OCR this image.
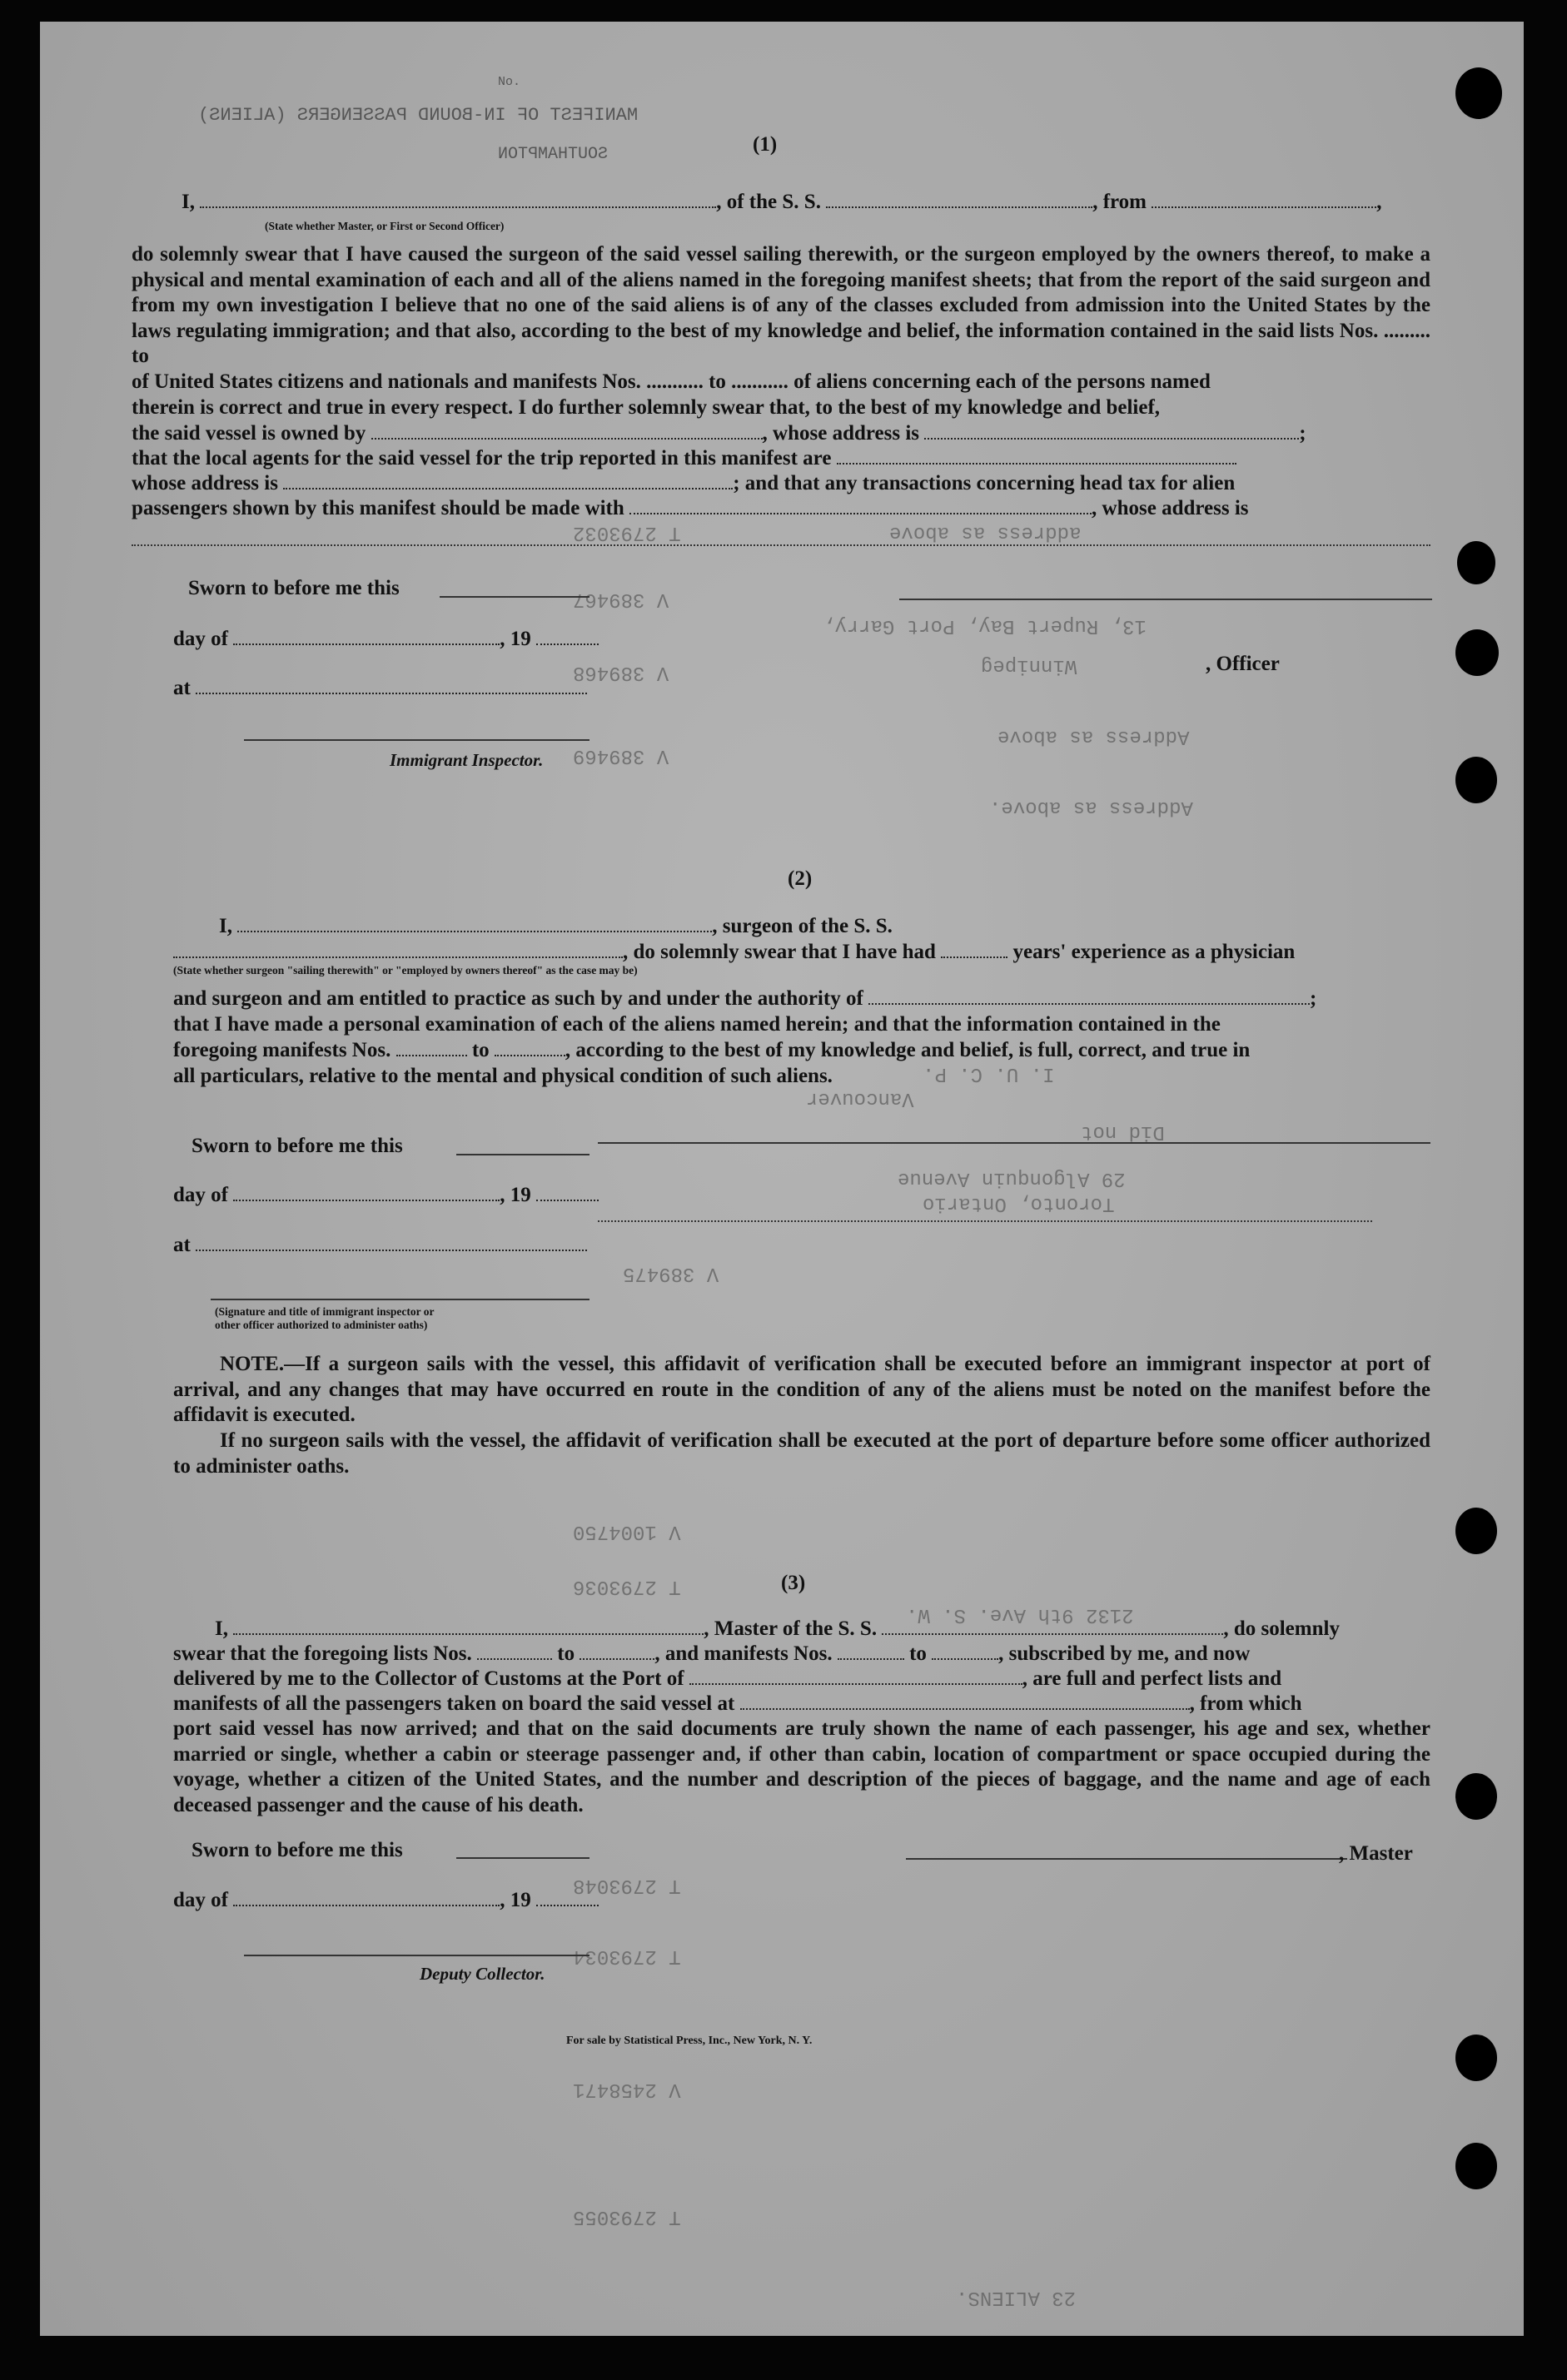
MANIFEST OF IN-BOUND PASSENGERS (ALIENS)
SOUTHAMPTON
No.
T 2793032
V 389467
V 389468
V 389469
address as above
13, Rupert Bay, Port Garry,
Winnipeg
Address as above
Address as above.
I. U. C. P.
Vancouver
Did not
29 Algonquin Avenue
Toronto, Ontario
V 389475
V 1004750
T 2793036
2132 9th Ave. S. W.
T 2793034
T 2793048
V 2458471
T 2793055
23 ALIENS.
(1)
I,	, of the S. S.	, from	,
(State whether Master, or First or Second Officer)
do solemnly swear that I have caused the surgeon of the said vessel sailing therewith, or the surgeon employed by the owners thereof, to make a physical and mental examination of each and all of the aliens named in the foregoing manifest sheets; that from the report of the said surgeon and from my own investigation I believe that no one of the said aliens is of any of the classes excluded from admission into the United States by the laws regulating immigration; and that also, according to the best of my knowledge and belief, the information contained in the said lists Nos. ......... to
of United States citizens and nationals and manifests Nos. ........... to ........... of aliens concerning each of the persons named
therein is correct and true in every respect. I do further solemnly swear that, to the best of my knowledge and belief,
the said vessel is owned by	, whose address is	;
that the local agents for the said vessel for the trip reported in this manifest are
whose address is	; and that any transactions concerning head tax for alien
passengers shown by this manifest should be made with	, whose address is
Sworn to before me this
day of	, 19
at
Immigrant Inspector.
, Officer
(2)
I,	, surgeon of the S. S.
, do solemnly swear that I have had	years' experience as a physician
(State whether surgeon "sailing therewith" or "employed by owners thereof" as the case may be)
and surgeon and am entitled to practice as such by and under the authority of	;
that I have made a personal examination of each of the aliens named herein; and that the information contained in the
foregoing manifests Nos.	to	, according to the best of my knowledge and belief, is full, correct, and true in
all particulars, relative to the mental and physical condition of such aliens.
Sworn to before me this
day of	, 19
at
(Signature and title of immigrant inspector or
other officer authorized to administer oaths)
NOTE.—If a surgeon sails with the vessel, this affidavit of verification shall be executed before an immigrant inspector at port of arrival, and any changes that may have occurred en route in the condition of any of the aliens must be noted on the manifest before the affidavit is executed.
If no surgeon sails with the vessel, the affidavit of verification shall be executed at the port of departure before some officer authorized to administer oaths.
(3)
I,	, Master of the S. S.	, do solemnly
swear that the foregoing lists Nos.	to	, and manifests Nos.	to	, subscribed by me, and now
delivered by me to the Collector of Customs at the Port of	, are full and perfect lists and
manifests of all the passengers taken on board the said vessel at	, from which
port said vessel has now arrived; and that on the said documents are truly shown the name of each passenger, his age and sex, whether married or single, whether a cabin or steerage passenger and, if other than cabin, location of compartment or space occupied during the voyage, whether a citizen of the United States, and the number and description of the pieces of baggage, and the name and age of each deceased passenger and the cause of his death.
Sworn to before me this	, Master
day of	, 19
Deputy Collector.
For sale by Statistical Press, Inc., New York, N. Y.
